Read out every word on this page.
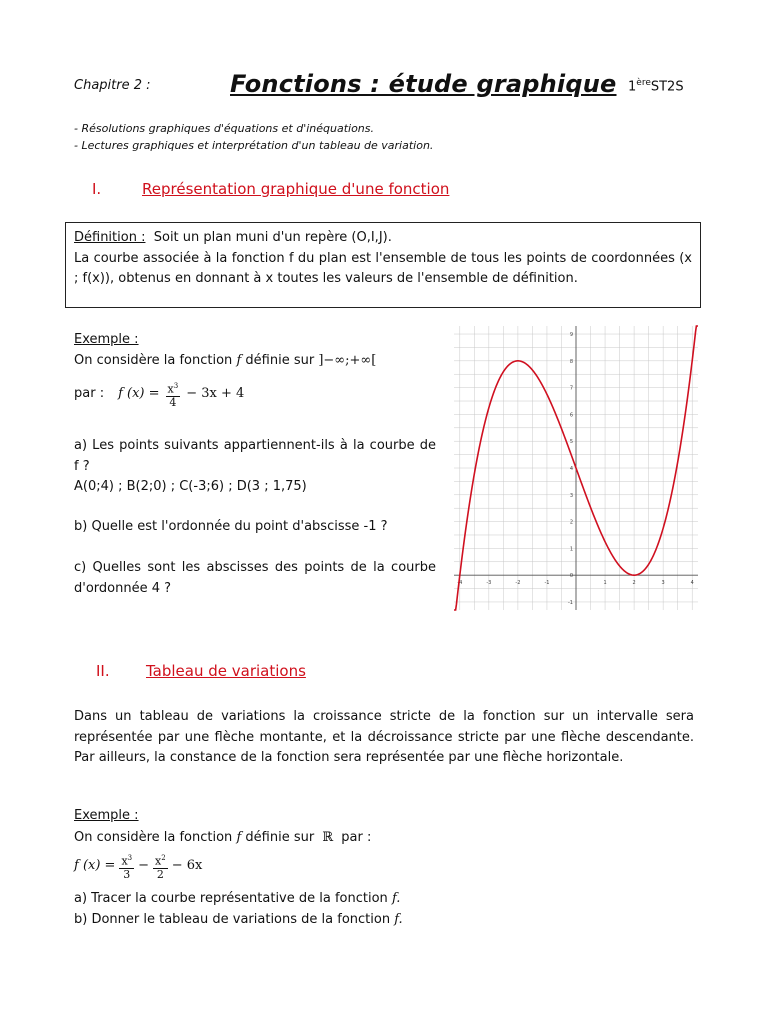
Chapitre 2 :	Fonctions : étude graphique 1èreST2S
- Résolutions graphiques d'équations et d'inéquations.
- Lectures graphiques et interprétation d'un tableau de variation.
I.	Représentation graphique d'une fonction
Définition : Soit un plan muni d'un repère (O,I,J).
La courbe associée à la fonction f du plan est l'ensemble de tous les points de coordonnées (x ; f(x)), obtenus en donnant à x toutes les valeurs de l'ensemble de définition.
Exemple :
On considère la fonction f définie sur ]−∞;+∞[
par : f $(x) = \frac{x^3}{4} - 3x + 4$
a) Les points suivants appartiennent-ils à la courbe de f ?
A(0;4) ; B(2;0) ; C(-3;6) ; D(3 ; 1,75)
b) Quelle est l'ordonnée du point d'abscisse -1 ?
c) Quelles sont les abscisses des points de la courbe d'ordonnée 4 ?	-4	-3	-2	-1	1	2	3	4
-1
0
1
2
3
4
5
6
7
8
9
II. Tableau de variations
Dans un tableau de variations la croissance stricte de la fonction sur un intervalle sera représentée par une flèche montante, et la décroissance stricte par une flèche descendante. Par ailleurs, la constance de la fonction sera représentée par une flèche horizontale.
Exemple :
On considère la fonction f définie sur ℝ par :
f $(x) = \frac{x^3}{3} - \frac{x^2}{2} - 6x$
a) Tracer la courbe représentative de la fonction f.
b) Donner le tableau de variations de la fonction f.
